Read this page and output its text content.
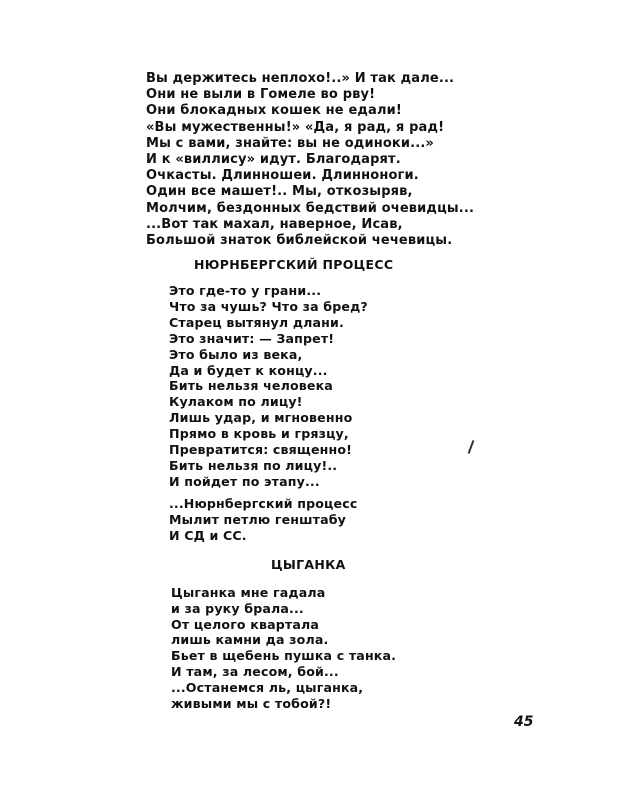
Вы держитесь неплохо!..» И так дале...
Они не выли в Гомеле во рву!
Они блокадных кошек не едали!
«Вы мужественны!» «Да, я рад, я рад!
Мы с вами, знайте: вы не одиноки...»
И к «виллису» идут. Благодарят.
Очкасты. Длинношеи. Длинноноги.
Один все машет!.. Мы, откозыряв,
Молчим, бездонных бедствий очевидцы...
...Вот так махал, наверное, Исав,
Большой знаток библейской чечевицы.
НЮРНБЕРГСКИЙ ПРОЦЕСС
Это где-то у грани...
Что за чушь? Что за бред?
Старец вытянул длани.
Это значит: — Запрет!
Это было из века,
Да и будет к концу...
Бить нельзя человека
Кулаком по лицу!
Лишь удар, и мгновенно
Прямо в кровь и грязцу,
Превратится: священно!
Бить нельзя по лицу!..
И пойдет по этапу...
...Нюрнбергский процесс
Мылит петлю генштабу
И СД и СС.
ЦЫГАНКА
Цыганка мне гадала
и за руку брала...
От целого квартала
лишь камни да зола.
Бьет в щебень пушка с танка.
И там, за лесом, бой...
...Останемся ль, цыганка,
живыми мы с тобой?!
45
